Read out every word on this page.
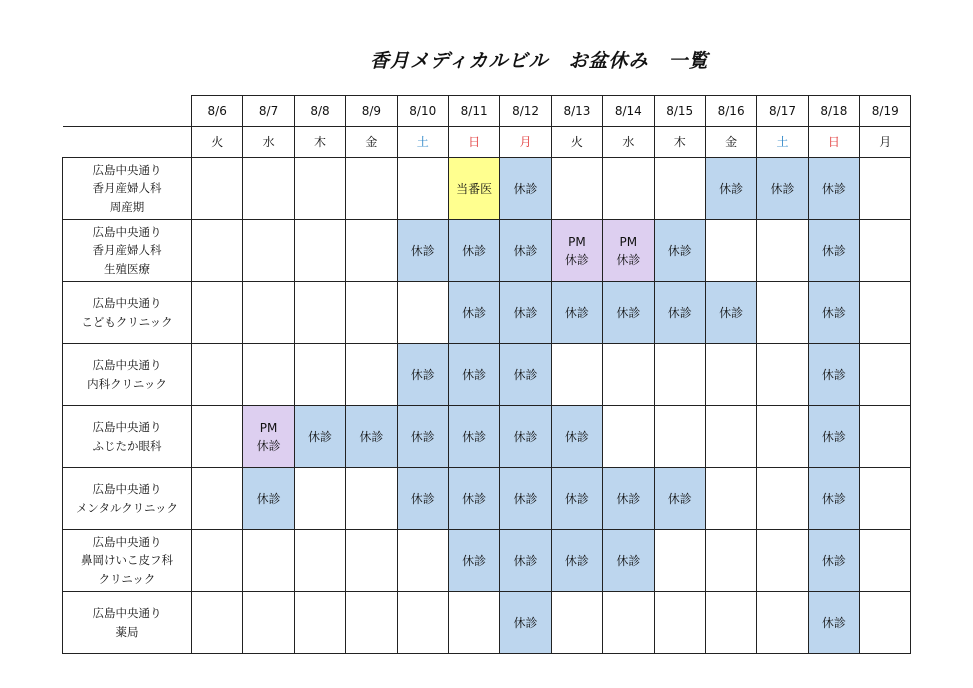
香月メディカルビル　お盆休み　一覧
	8/6	8/7	8/8	8/9	8/10	8/11	8/12	8/13	8/14	8/15	8/16	8/17	8/18	8/19
	火	水	木	金	土	日	月	火	水	木	金	土	日	月
広島中央通り
香月産婦人科
周産期						当番医	休診				休診	休診	休診	

広島中央通り
香月産婦人科
生殖医療					休診	休診	休診	PM
休診	PM
休診	休診			休診	

広島中央通り
こどもクリニック						休診	休診	休診	休診	休診	休診		休診	

広島中央通り
内科クリニック					休診	休診	休診						休診	

広島中央通り
ふじたか眼科		PM
休診	休診	休診	休診	休診	休診	休診					休診	

広島中央通り
メンタルクリニック		休診			休診	休診	休診	休診	休診	休診			休診	

広島中央通り
鼻岡けいこ皮フ科
クリニック						休診	休診	休診	休診				休診	

広島中央通り
薬局							休診						休診	
